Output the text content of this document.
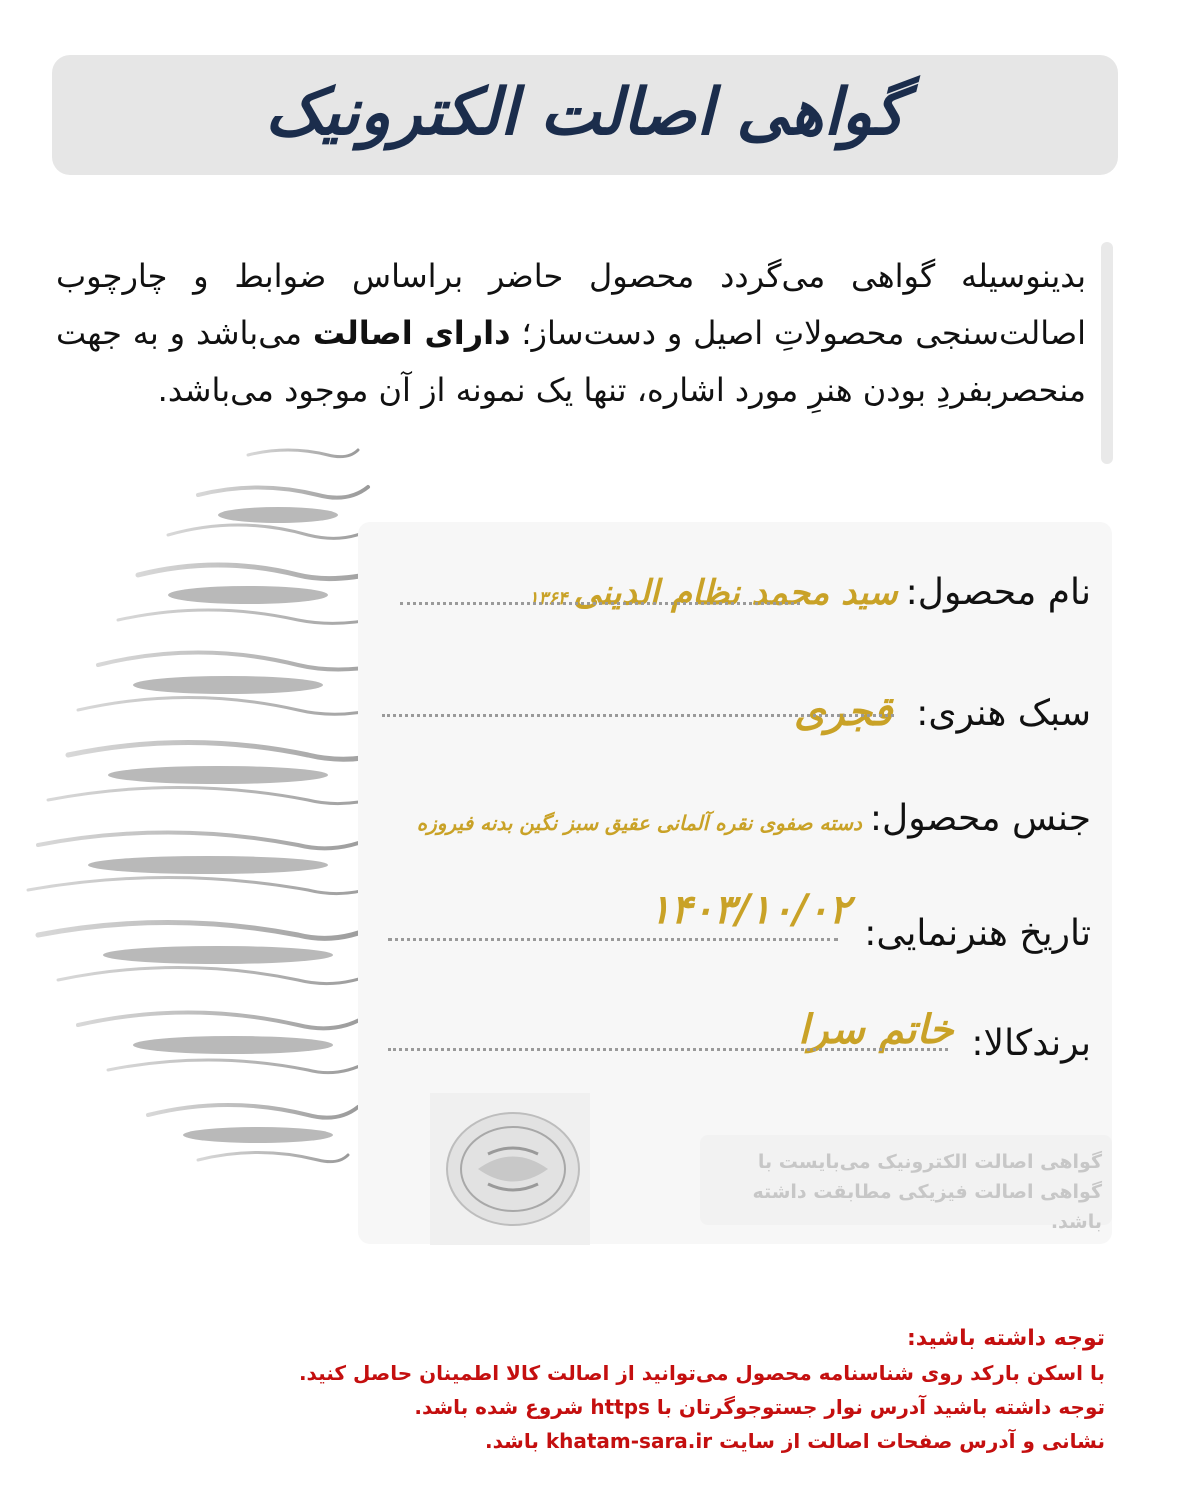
گواهی اصالت الکترونیک
بدینوسیله گواهی می‌گردد محصول حاضر براساس ضوابط و چارچوب اصالت‌سنجی محصولاتِ اصیل و دست‌ساز؛ دارای اصالت می‌باشد و به جهت منحصربفردِ بودن هنرِ مورد اشاره، تنها یک نمونه از آن موجود می‌باشد.
نام محصول:
سید محمد نظام الدینی
۱۳۶۴
سبک هنری:
قجری
جنس محصول:
دسته صفوی نقره آلمانی عقیق سبز نگین بدنه فیروزه
تاریخ هنرنمایی:
۱۴۰۳/۱۰/۰۲
برندکالا:
خاتم سرا
گواهی اصالت الکترونیک می‌بایست با
گواهی اصالت فیزیکی مطابقت داشته باشد.
توجه داشته باشید:
با اسکن بارکد روی شناسنامه محصول می‌توانید از اصالت کالا اطمینان حاصل کنید.
توجه داشته باشید آدرس نوار جستوجوگرتان با https شروع شده باشد.
نشانی و آدرس صفحات اصالت از سایت khatam-sara.ir باشد.
